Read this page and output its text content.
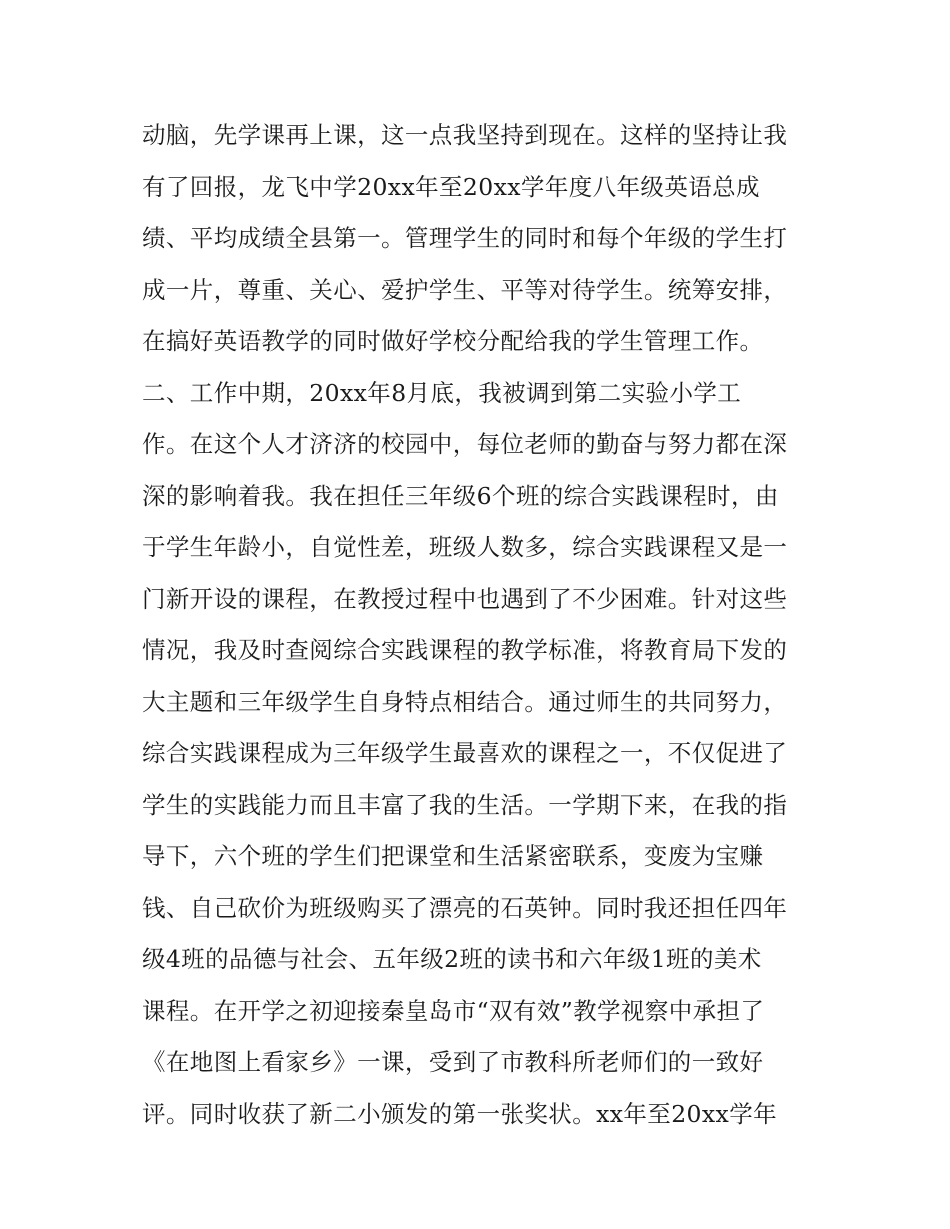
动脑，先学课再上课，这一点我坚持到现在。这样的坚持让我
有了回报，龙飞中学20xx年至20xx学年度八年级英语总成
绩、平均成绩全县第一。管理学生的同时和每个年级的学生打
成一片，尊重、关心、爱护学生、平等对待学生。统筹安排，
在搞好英语教学的同时做好学校分配给我的学生管理工作。
二、工作中期，20xx年8月底，我被调到第二实验小学工
作。在这个人才济济的校园中，每位老师的勤奋与努力都在深
深的影响着我。我在担任三年级6个班的综合实践课程时，由
于学生年龄小，自觉性差，班级人数多，综合实践课程又是一
门新开设的课程，在教授过程中也遇到了不少困难。针对这些
情况，我及时查阅综合实践课程的教学标准，将教育局下发的
大主题和三年级学生自身特点相结合。通过师生的共同努力，
综合实践课程成为三年级学生最喜欢的课程之一，不仅促进了
学生的实践能力而且丰富了我的生活。一学期下来，在我的指
导下，六个班的学生们把课堂和生活紧密联系，变废为宝赚
钱、自己砍价为班级购买了漂亮的石英钟。同时我还担任四年
级4班的品德与社会、五年级2班的读书和六年级1班的美术
课程。在开学之初迎接秦皇岛市“双有效”教学视察中承担了
《在地图上看家乡》一课，受到了市教科所老师们的一致好
评。同时收获了新二小颁发的第一张奖状。xx年至20xx学年
